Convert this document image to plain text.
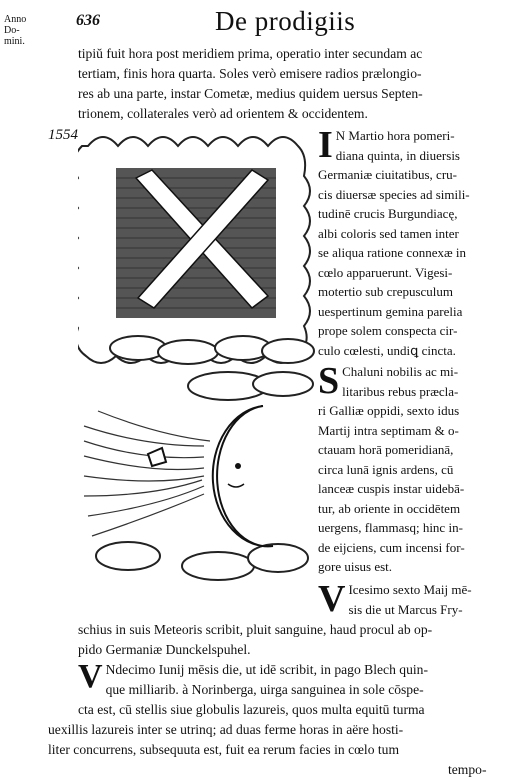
Anno Do-
mini.
636	De prodigiis
1554
tipiŭ fuit hora post meridiem prima, operatio inter secundam ac
tertiam, finis hora quarta. Soles verò emisere radios prælongio-
res ab una parte, instar Cometæ, medius quidem uersus Septen-
trionem, collaterales verò ad orientem & occidentem.
I N Martio hora pomeri-
diana quinta, in diuersis
Germaniæ ciuitatibus, cru-
cis diuersæ species ad simili-
tudinē crucis Burgundiacę,
albi coloris sed tamen inter
se aliqua ratione connexæ in
cœlo apparuerunt. Vigesi-
motertio sub crepusculum
uespertinum gemina parelia
prope solem conspecta cir-
culo cœlesti, undiꝗ cincta.
S Chaluni nobilis ac mi-
litaribus rebus præcla-
ri Galliæ oppidi, sexto idus
Martij intra septimam & o-
ctauam horā pomeridianā,
circa lunā ignis ardens, cū
lanceæ cuspis instar uidebā-
tur, ab oriente in occidētem
uergens, flammasq; hinc in-
de eijciens, cum incensi for-
gore uisus est.
V Icesimo sexto Maij mē-
sis die ut Marcus Fry-
schius in suis Meteoris scribit, pluit sanguine, haud procul ab op-
pido Germaniæ Dunckelspuhel.
V Ndecimo Iunij mēsis die, ut idē scribit, in pago Blech quin-
que milliarib. à Norinberga, uirga sanguinea in sole cōspe-
cta est, cū stellis siue globulis lazureis, quos multa equitū turma
uexillis lazureis inter se utrinq; ad duas ferme horas in aëre hosti-
liter concurrens, subsequuta est, fuit ea rerum facies in cœlo tum
tempo-
